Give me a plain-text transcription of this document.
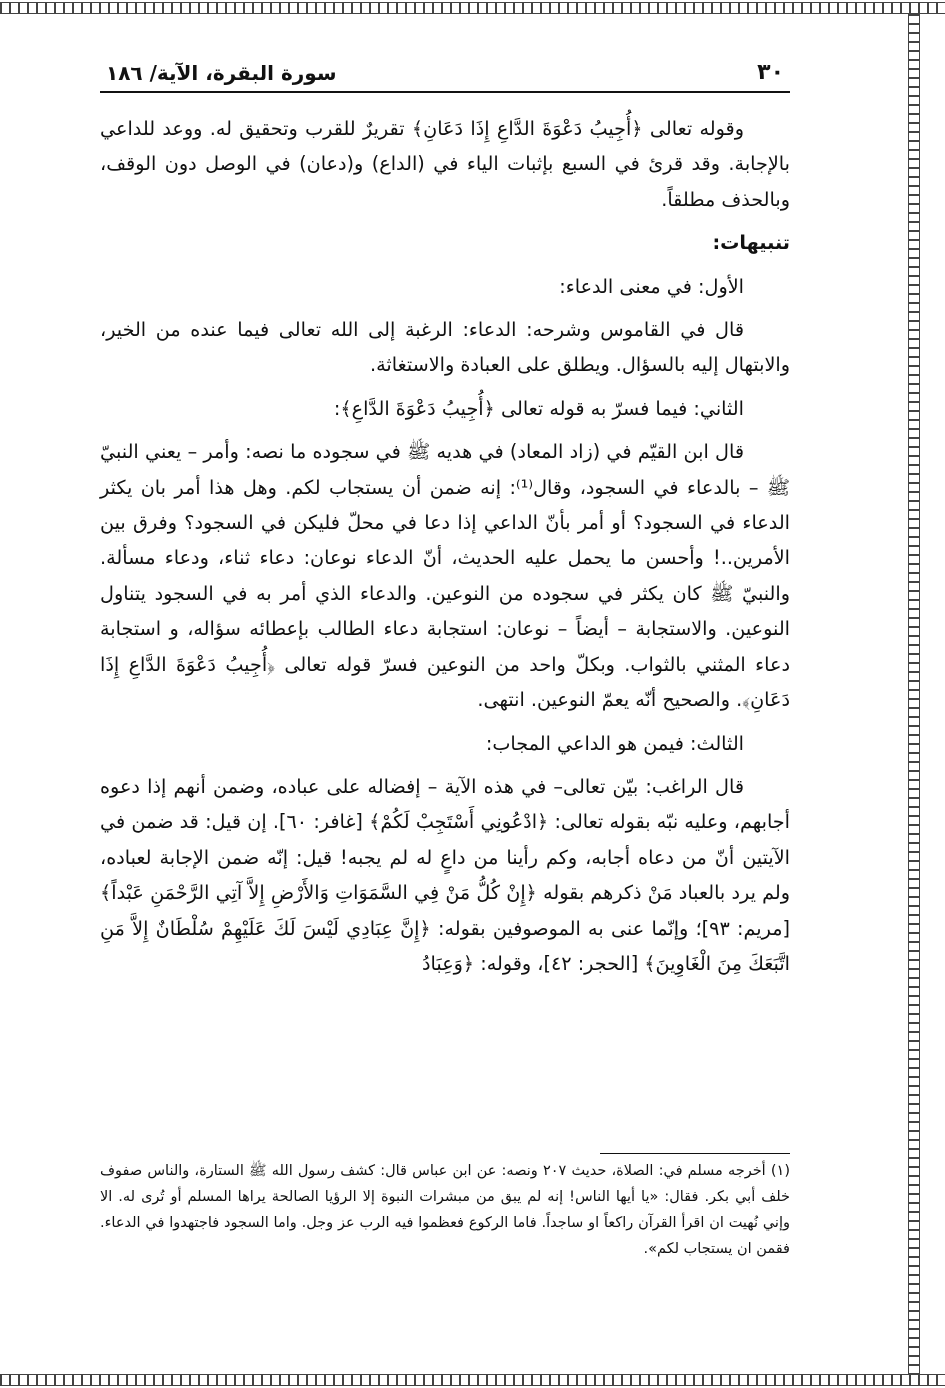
٣٠
سورة البقرة، الآية/ ١٨٦

وقوله تعالى ﴿أُجِيبُ دَعْوَةَ الدَّاعِ إِذَا دَعَانِ﴾ تقريرٌ للقرب وتحقيق له. ووعد للداعي بالإجابة. وقد قرئ في السبع بإثبات الياء في (الداع) و(دعان) في الوصل دون الوقف، وبالحذف مطلقاً.

تنبيهات:

الأول: في معنى الدعاء:

قال في القاموس وشرحه: الدعاء: الرغبة إلى الله تعالى فيما عنده من الخير، والابتهال إليه بالسؤال. ويطلق على العبادة والاستغاثة.

الثاني: فيما فسرّ به قوله تعالى ﴿أُجِيبُ دَعْوَةَ الدَّاعِ﴾:

قال ابن القيّم في (زاد المعاد) في هديه ﷺ في سجوده ما نصه: وأمر – يعني النبيّ ﷺ – بالدعاء في السجود، وقال⁽¹⁾: إنه ضمن أن يستجاب لكم. وهل هذا أمر بان يكثر الدعاء في السجود؟ أو أمر بأنّ الداعي إذا دعا في محلّ فليكن في السجود؟ وفرق بين الأمرين..! وأحسن ما يحمل عليه الحديث، أنّ الدعاء نوعان: دعاء ثناء، ودعاء مسألة. والنبيّ ﷺ كان يكثر في سجوده من النوعين. والدعاء الذي أمر به في السجود يتناول النوعين. والاستجابة – أيضاً – نوعان: استجابة دعاء الطالب بإعطائه سؤاله، و استجابة دعاء المثني بالثواب. وبكلّ واحد من النوعين فسرّ قوله تعالى ﴿أُجِيبُ دَعْوَةَ الدَّاعِ إِذَا دَعَانِ﴾. والصحيح أنّه يعمّ النوعين. انتهى.

الثالث: فيمن هو الداعي المجاب:

قال الراغب: بيّن تعالى– في هذه الآية – إفضاله على عباده، وضمن أنهم إذا دعوه أجابهم، وعليه نبّه بقوله تعالى: ﴿ادْعُونِي أَسْتَجِبْ لَكُمْ﴾ [غافر: ٦٠]. إن قيل: قد ضمن في الآيتين أنّ من دعاه أجابه، وكم رأينا من داعٍ له لم يجبه! قيل: إنّه ضمن الإجابة لعباده، ولم يرد بالعباد مَنْ ذكرهم بقوله ﴿إِنْ كُلُّ مَنْ فِي السَّمَوَاتِ وَالأَرْضِ إِلاَّ آتِي الرَّحْمَنِ عَبْداً﴾ [مريم: ٩٣]؛ وإنّما عنى به الموصوفين بقوله: ﴿إِنَّ عِبَادِي لَيْسَ لَكَ عَلَيْهِمْ سُلْطَانٌ إِلاَّ مَنِ اتَّبَعَكَ مِنَ الْغَاوِينَ﴾ [الحجر: ٤٢]، وقوله: ﴿وَعِبَادُ

(١) أخرجه مسلم في: الصلاة، حديث ٢٠٧ ونصه: عن ابن عباس قال: كشف رسول الله ﷺ الستارة، والناس صفوف خلف أبي بكر. فقال: «يا أيها الناس! إنه لم يبق من مبشرات النبوة إلا الرؤيا الصالحة يراها المسلم أو تُرى له. الا وإني نُهيت ان اقرأ القرآن راكعاً او ساجداً. فاما الركوع فعظموا فيه الرب عز وجل. واما السجود فاجتهدوا في الدعاء. فقمن ان يستجاب لكم».
